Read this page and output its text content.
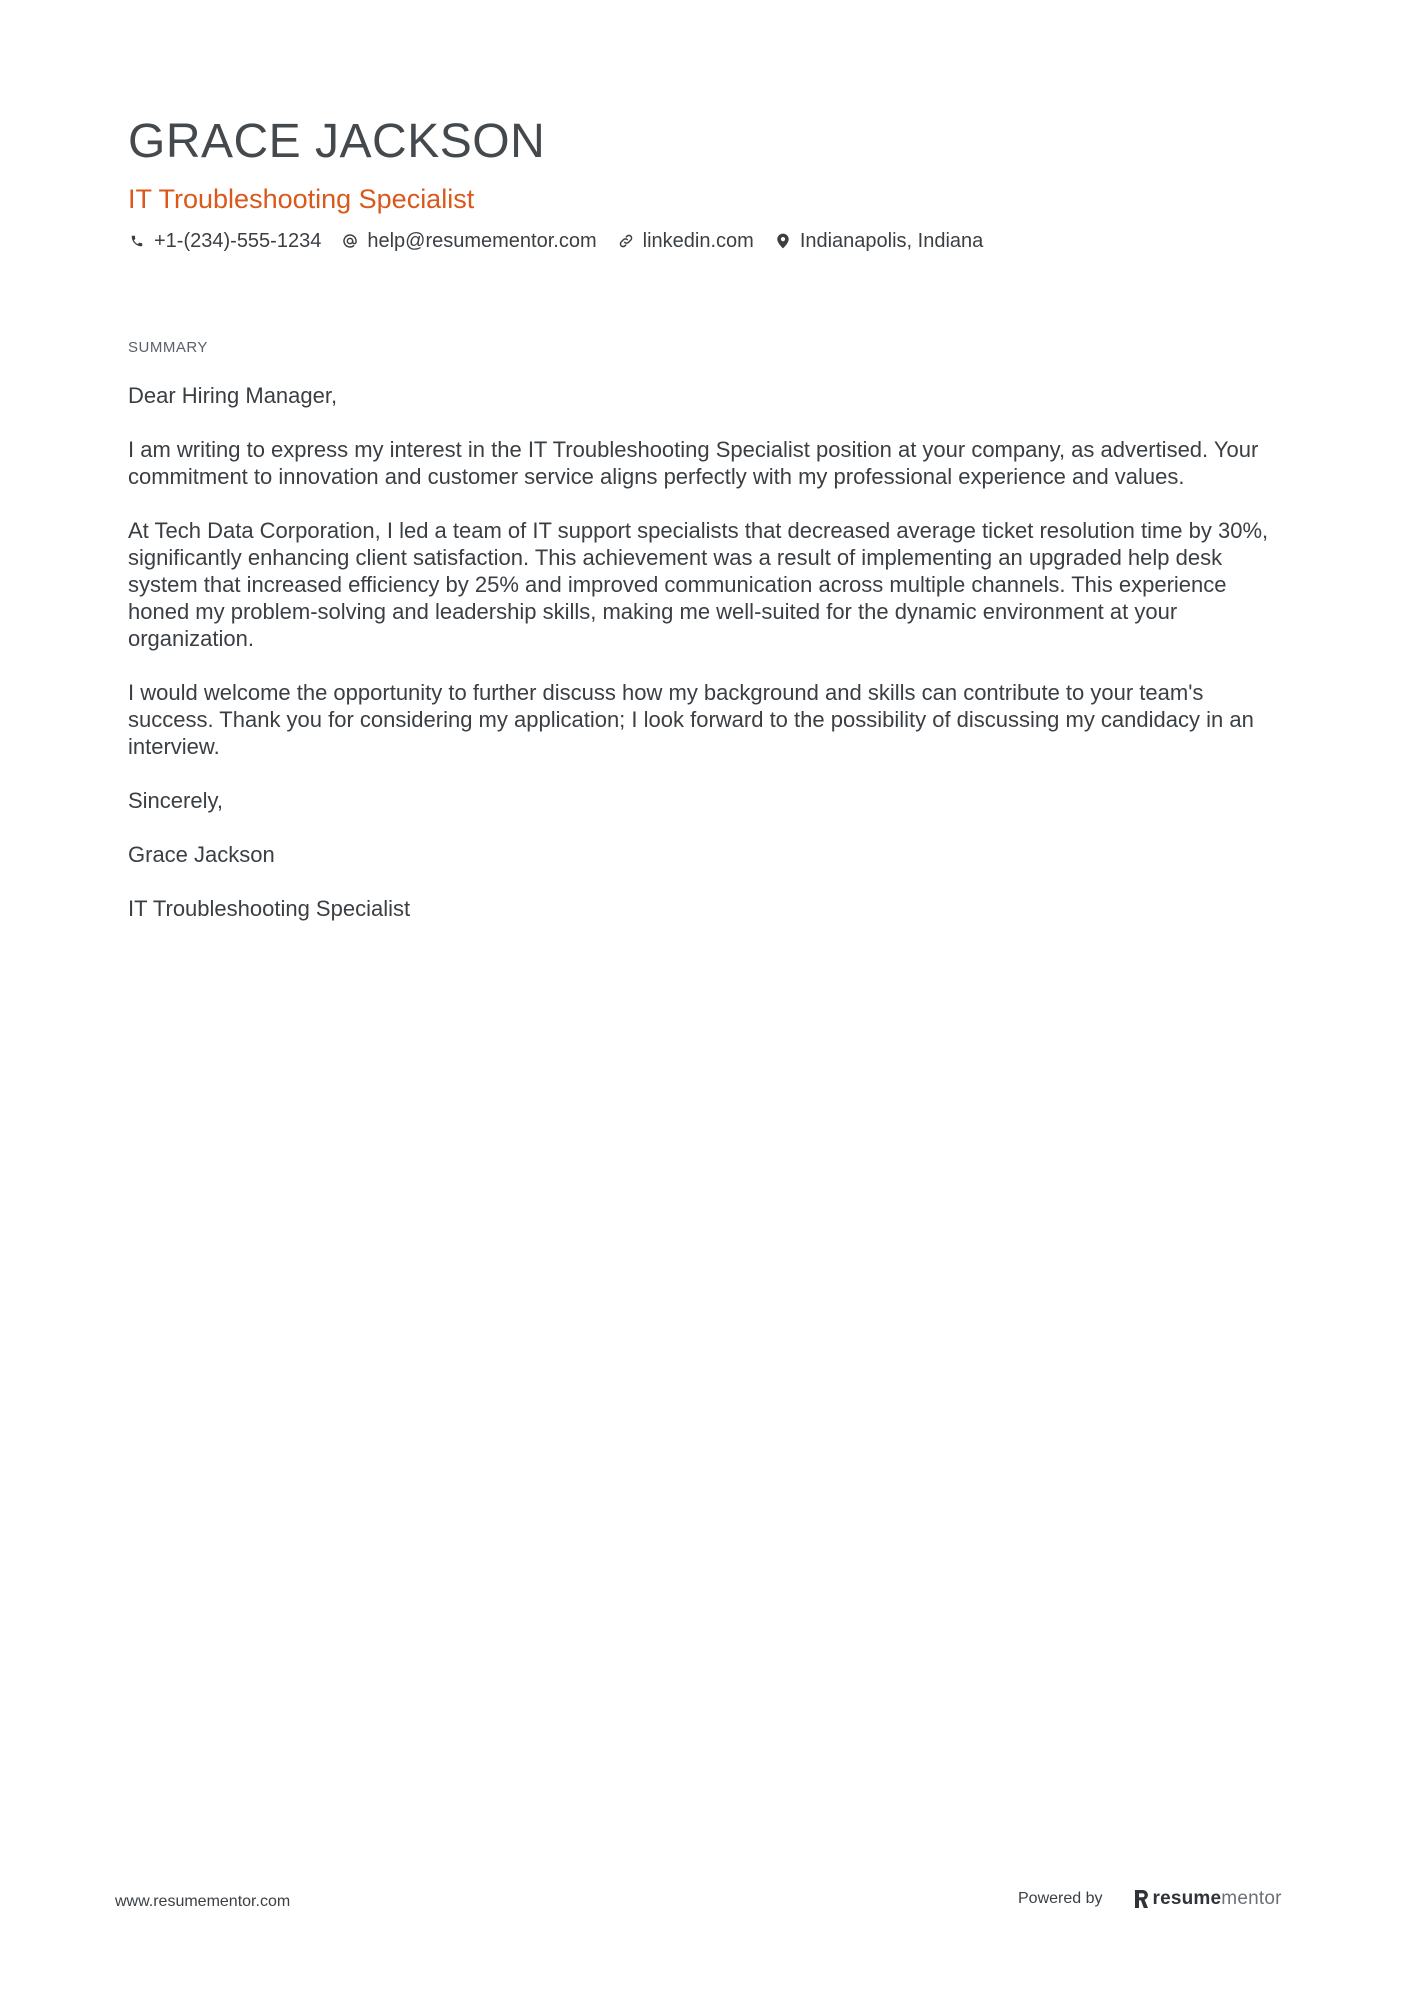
GRACE JACKSON
IT Troubleshooting Specialist
+1-(234)-555-1234 help@resumementor.com linkedin.com Indianapolis, Indiana
SUMMARY

Dear Hiring Manager,

I am writing to express my interest in the IT Troubleshooting Specialist position at your company, as advertised. Your commitment to innovation and customer service aligns perfectly with my professional experience and values.

At Tech Data Corporation, I led a team of IT support specialists that decreased average ticket resolution time by 30%, significantly enhancing client satisfaction. This achievement was a result of implementing an upgraded help desk system that increased efficiency by 25% and improved communication across multiple channels. This experience honed my problem-solving and leadership skills, making me well-suited for the dynamic environment at your organization.

I would welcome the opportunity to further discuss how my background and skills can contribute to your team's success. Thank you for considering my application; I look forward to the possibility of discussing my candidacy in an interview.

Sincerely,

Grace Jackson

IT Troubleshooting Specialist

www.resumementor.com	Powered by	resume mentor
